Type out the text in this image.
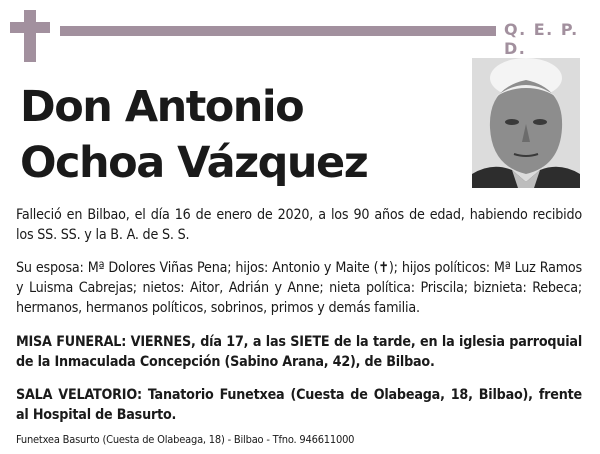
Q. E. P. D.
Don Antonio
Ochoa Vázquez

Falleció en Bilbao, el día 16 de enero de 2020, a los 90 años de edad, habiendo recibido los SS. SS. y la B. A. de S. S.

Su esposa: Mª Dolores Viñas Pena; hijos: Antonio y Maite (✝); hijos políticos: Mª Luz Ramos y Luisma Cabrejas; nietos: Aitor, Adrián y Anne; nieta política: Priscila; biznieta: Rebeca; hermanos, hermanos políticos, sobrinos, primos y demás familia.

MISA FUNERAL: VIERNES, día 17, a las SIETE de la tarde, en la iglesia parroquial de la Inmaculada Concepción (Sabino Arana, 42), de Bilbao.

SALA VELATORIO: Tanatorio Funetxea (Cuesta de Olabeaga, 18, Bilbao), frente al Hospital de Basurto.

Funetxea Basurto (Cuesta de Olabeaga, 18) - Bilbao - Tfno. 946611000
